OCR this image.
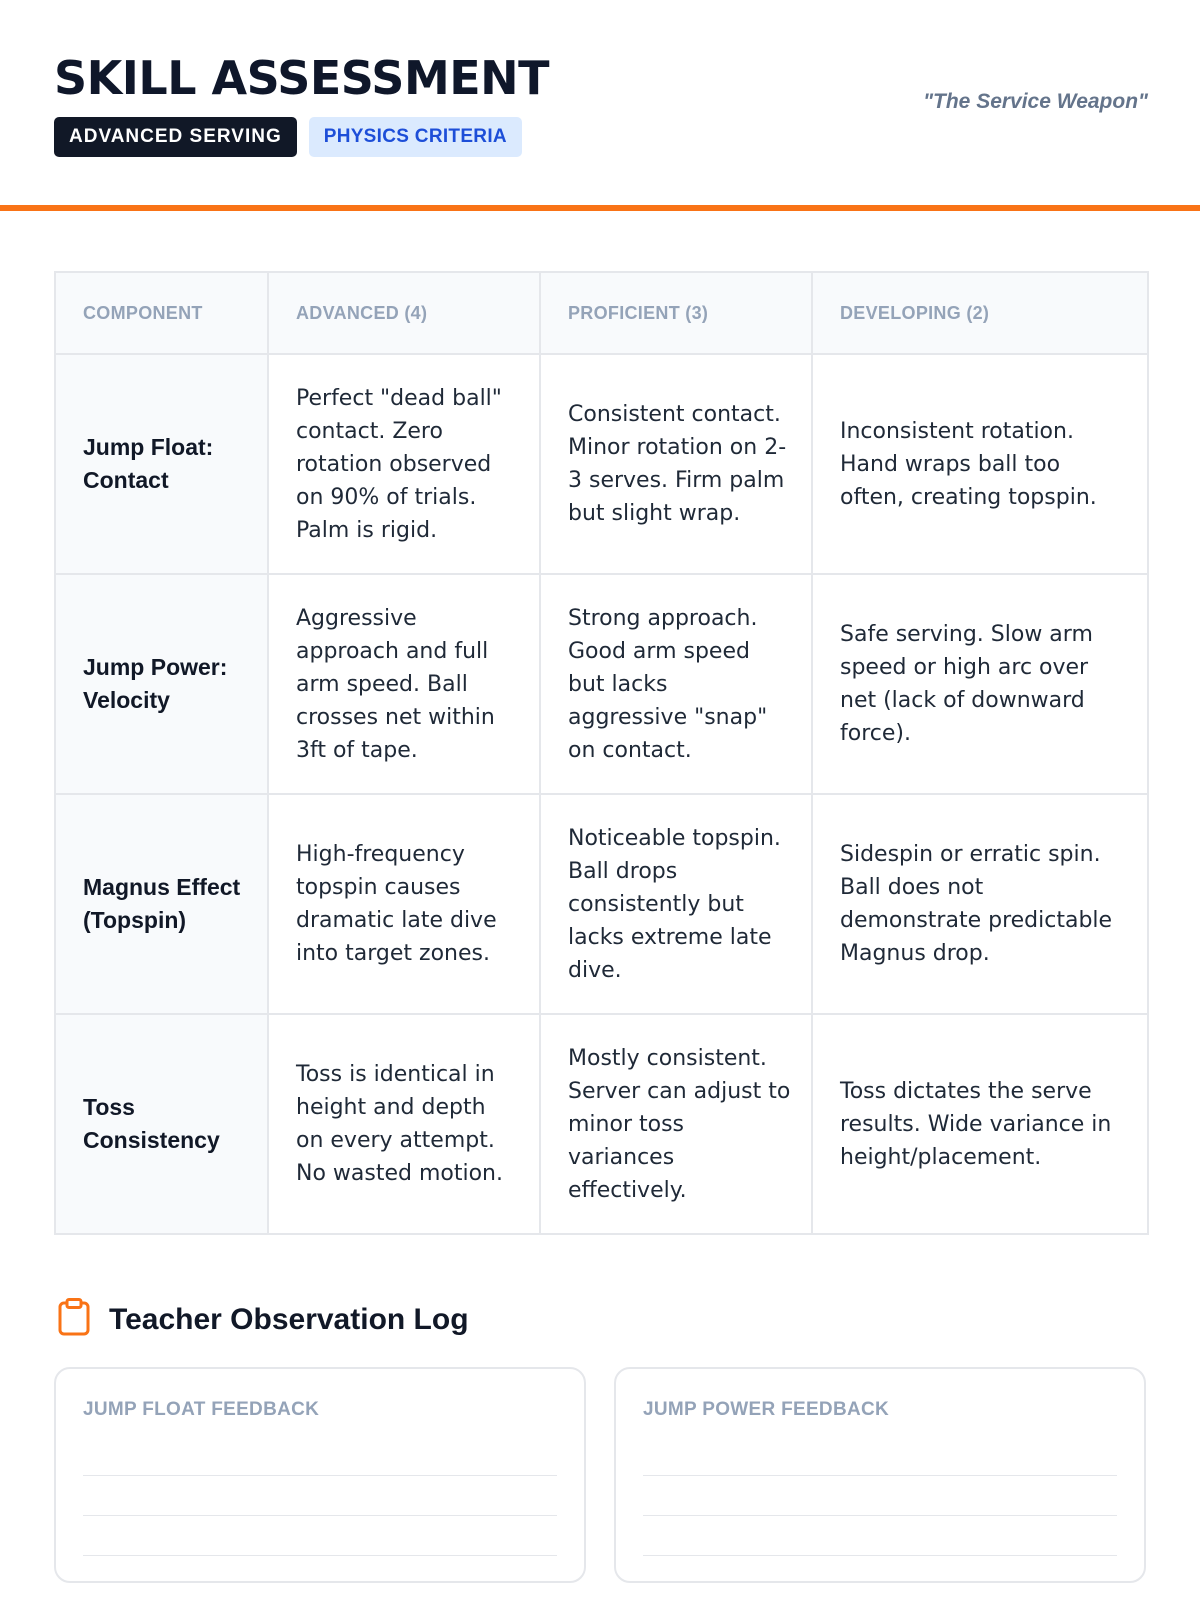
SKILL ASSESSMENT
ADVANCED SERVING	PHYSICS CRITERIA
"The Service Weapon"
COMPONENT	ADVANCED (4)	PROFICIENT (3)	DEVELOPING (2)
Jump Float: Contact	Perfect "dead ball" contact. Zero rotation observed on 90% of trials. Palm is rigid.	Consistent contact. Minor rotation on 2-3 serves. Firm palm but slight wrap.	Inconsistent rotation. Hand wraps ball too often, creating topspin.
Jump Power: Velocity	Aggressive approach and full arm speed. Ball crosses net within 3ft of tape.	Strong approach. Good arm speed but lacks aggressive "snap" on contact.	Safe serving. Slow arm speed or high arc over net (lack of downward force).
Magnus Effect (Topspin)	High-frequency topspin causes dramatic late dive into target zones.	Noticeable topspin. Ball drops consistently but lacks extreme late dive.	Sidespin or erratic spin. Ball does not demonstrate predictable Magnus drop.
Toss Consistency	Toss is identical in height and depth on every attempt. No wasted motion.	Mostly consistent. Server can adjust to minor toss variances effectively.	Toss dictates the serve results. Wide variance in height/placement.
Teacher Observation Log
JUMP FLOAT FEEDBACK	JUMP POWER FEEDBACK
